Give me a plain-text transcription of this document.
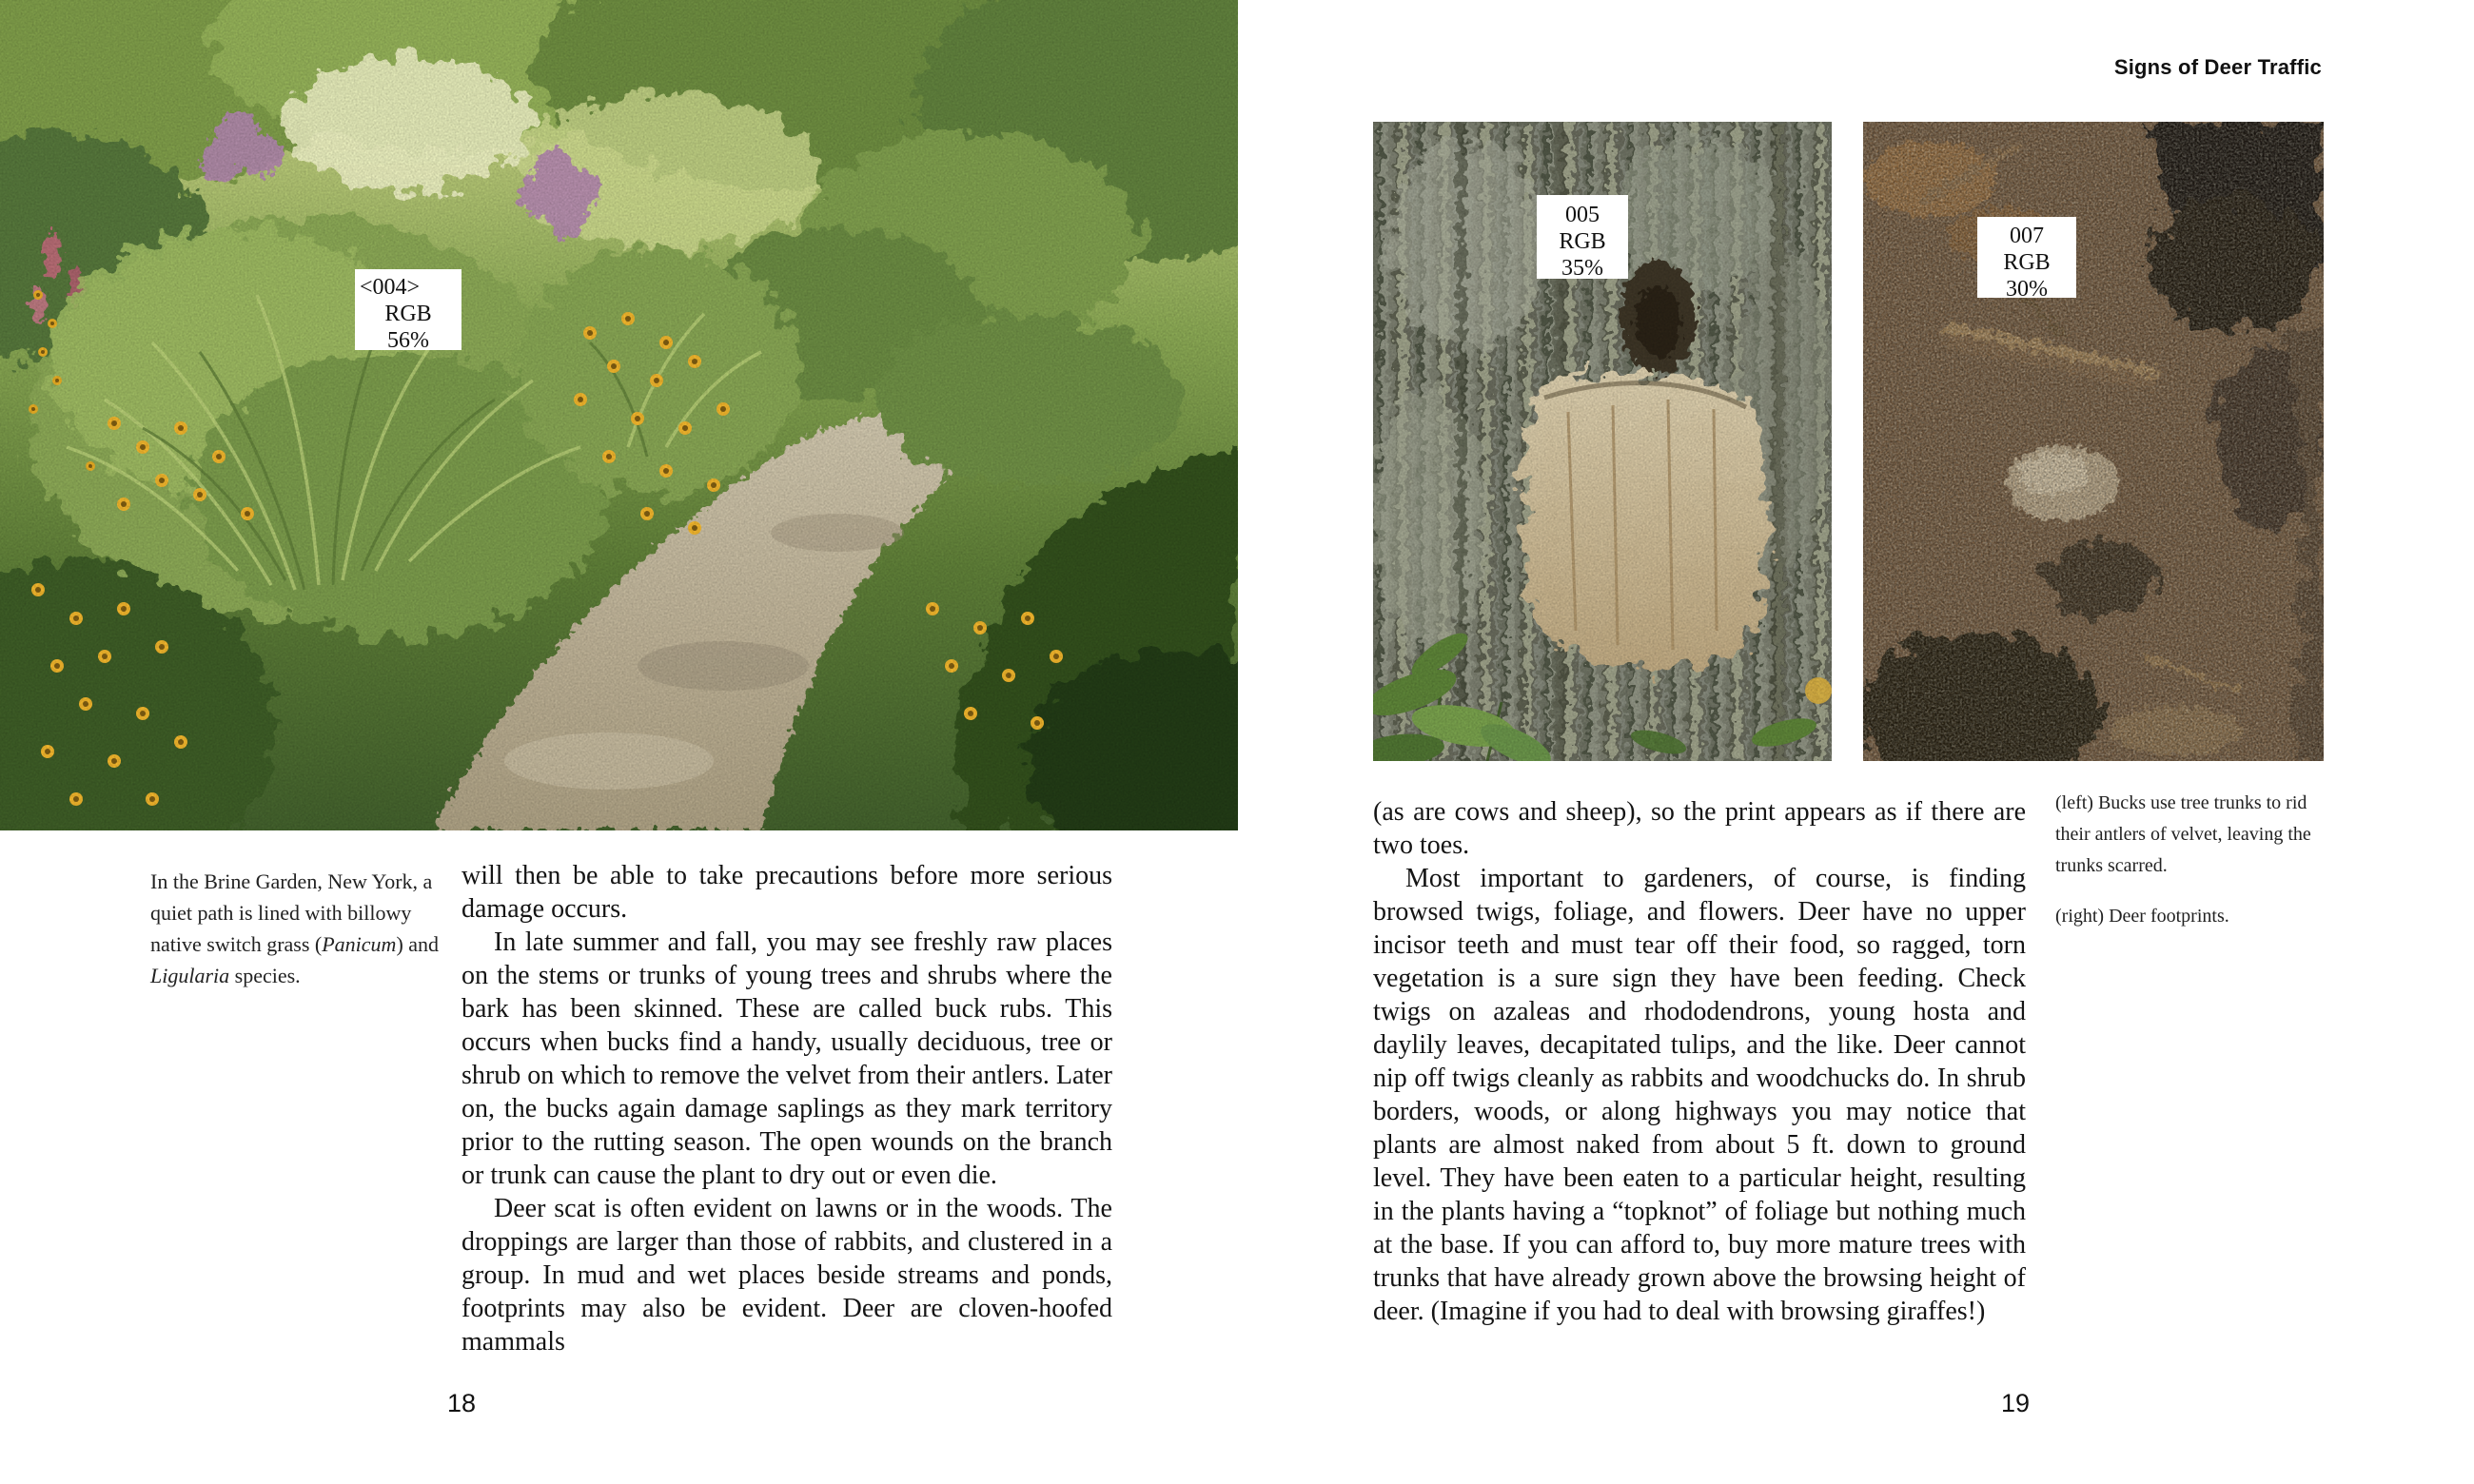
<004>
RGB
56%
In the Brine Garden, New York, a quiet path is lined with billowy native switch grass (Panicum) and Ligularia species.

will then be able to take precautions before more serious damage occurs.

In late summer and fall, you may see freshly raw places on the stems or trunks of young trees and shrubs where the bark has been skinned. These are called buck rubs. This occurs when bucks find a handy, usually deciduous, tree or shrub on which to remove the velvet from their antlers. Later on, the bucks again damage saplings as they mark territory prior to the rutting season. The open wounds on the branch or trunk can cause the plant to dry out or even die.

Deer scat is often evident on lawns or in the woods. The droppings are larger than those of rabbits, and clustered in a group. In mud and wet places beside streams and ponds, footprints may also be evident. Deer are cloven-hoofed mammals

18
Signs of Deer Traffic
005
RGB
35%
007
RGB
30%

(as are cows and sheep), so the print appears as if there are two toes.

Most important to gardeners, of course, is finding browsed twigs, foliage, and flowers. Deer have no upper incisor teeth and must tear off their food, so ragged, torn vegetation is a sure sign they have been feeding. Check twigs on azaleas and rhododendrons, young hosta and daylily leaves, decapitated tulips, and the like. Deer cannot nip off twigs cleanly as rabbits and woodchucks do. In shrub borders, woods, or along highways you may notice that plants are almost naked from about 5 ft. down to ground level. They have been eaten to a particular height, resulting in the plants having a “topknot” of foliage but nothing much at the base. If you can afford to, buy more mature trees with trunks that have already grown above the browsing height of deer. (Imagine if you had to deal with browsing giraffes!)

(left) Bucks use tree trunks to rid their antlers of velvet, leaving the trunks scarred.

(right) Deer footprints.

19
